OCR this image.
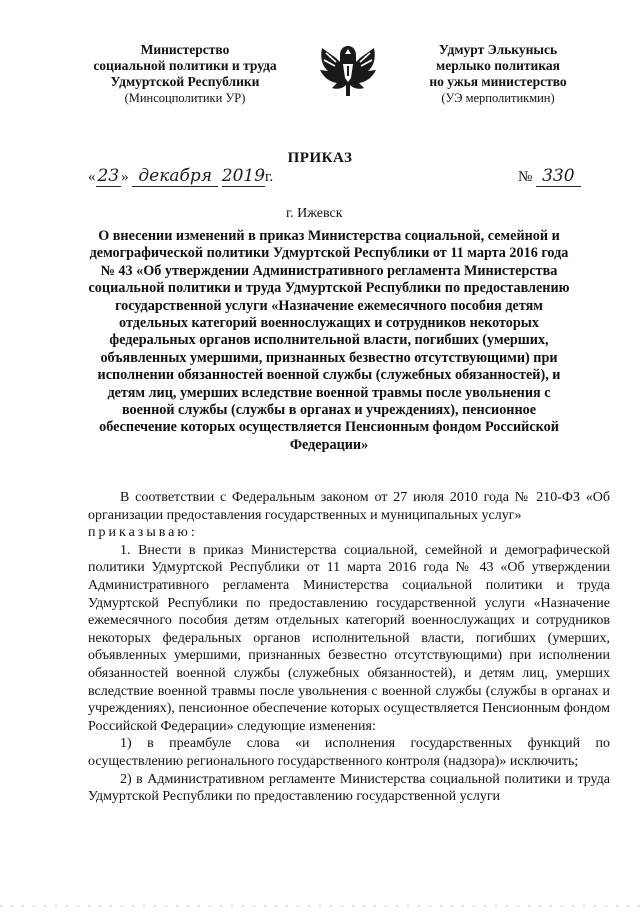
Министерство
социальной политики и труда
Удмуртской Республики
(Минсоцполитики УР)
Удмурт Элькунысь
мерлыко политикая
но ужья министерство
(УЭ мерполитикмин)
ПРИКАЗ
« 23 » декабря 2019г.	№ 330
г. Ижевск
О внесении изменений в приказ Министерства социальной, семейной и демографической политики Удмуртской Республики от 11 марта 2016 года № 43 «Об утверждении Административного регламента Министерства социальной политики и труда Удмуртской Республики по предоставлению государственной услуги «Назначение ежемесячного пособия детям отдельных категорий военнослужащих и сотрудников некоторых федеральных органов исполнительной власти, погибших (умерших, объявленных умершими, признанных безвестно отсутствующими) при исполнении обязанностей военной службы (служебных обязанностей), и детям лиц, умерших вследствие военной травмы после увольнения с военной службы (службы в органах и учреждениях), пенсионное обеспечение которых осуществляется Пенсионным фондом Российской Федерации»

В соответствии с Федеральным законом от 27 июля 2010 года № 210-ФЗ «Об организации предоставления государственных и муниципальных услуг»

приказываю:

1. Внести в приказ Министерства социальной, семейной и демографической политики Удмуртской Республики от 11 марта 2016 года № 43 «Об утверждении Административного регламента Министерства социальной политики и труда Удмуртской Республики по предоставлению государственной услуги «Назначение ежемесячного пособия детям отдельных категорий военнослужащих и сотрудников некоторых федеральных органов исполнительной власти, погибших (умерших, объявленных умершими, признанных безвестно отсутствующими) при исполнении обязанностей военной службы (служебных обязанностей), и детям лиц, умерших вследствие военной травмы после увольнения с военной службы (службы в органах и учреждениях), пенсионное обеспечение которых осуществляется Пенсионным фондом Российской Федерации» следующие изменения:

1) в преамбуле слова «и исполнения государственных функций по осуществлению регионального государственного контроля (надзора)» исключить;

2) в Административном регламенте Министерства социальной политики и труда Удмуртской Республики по предоставлению государственной услуги
